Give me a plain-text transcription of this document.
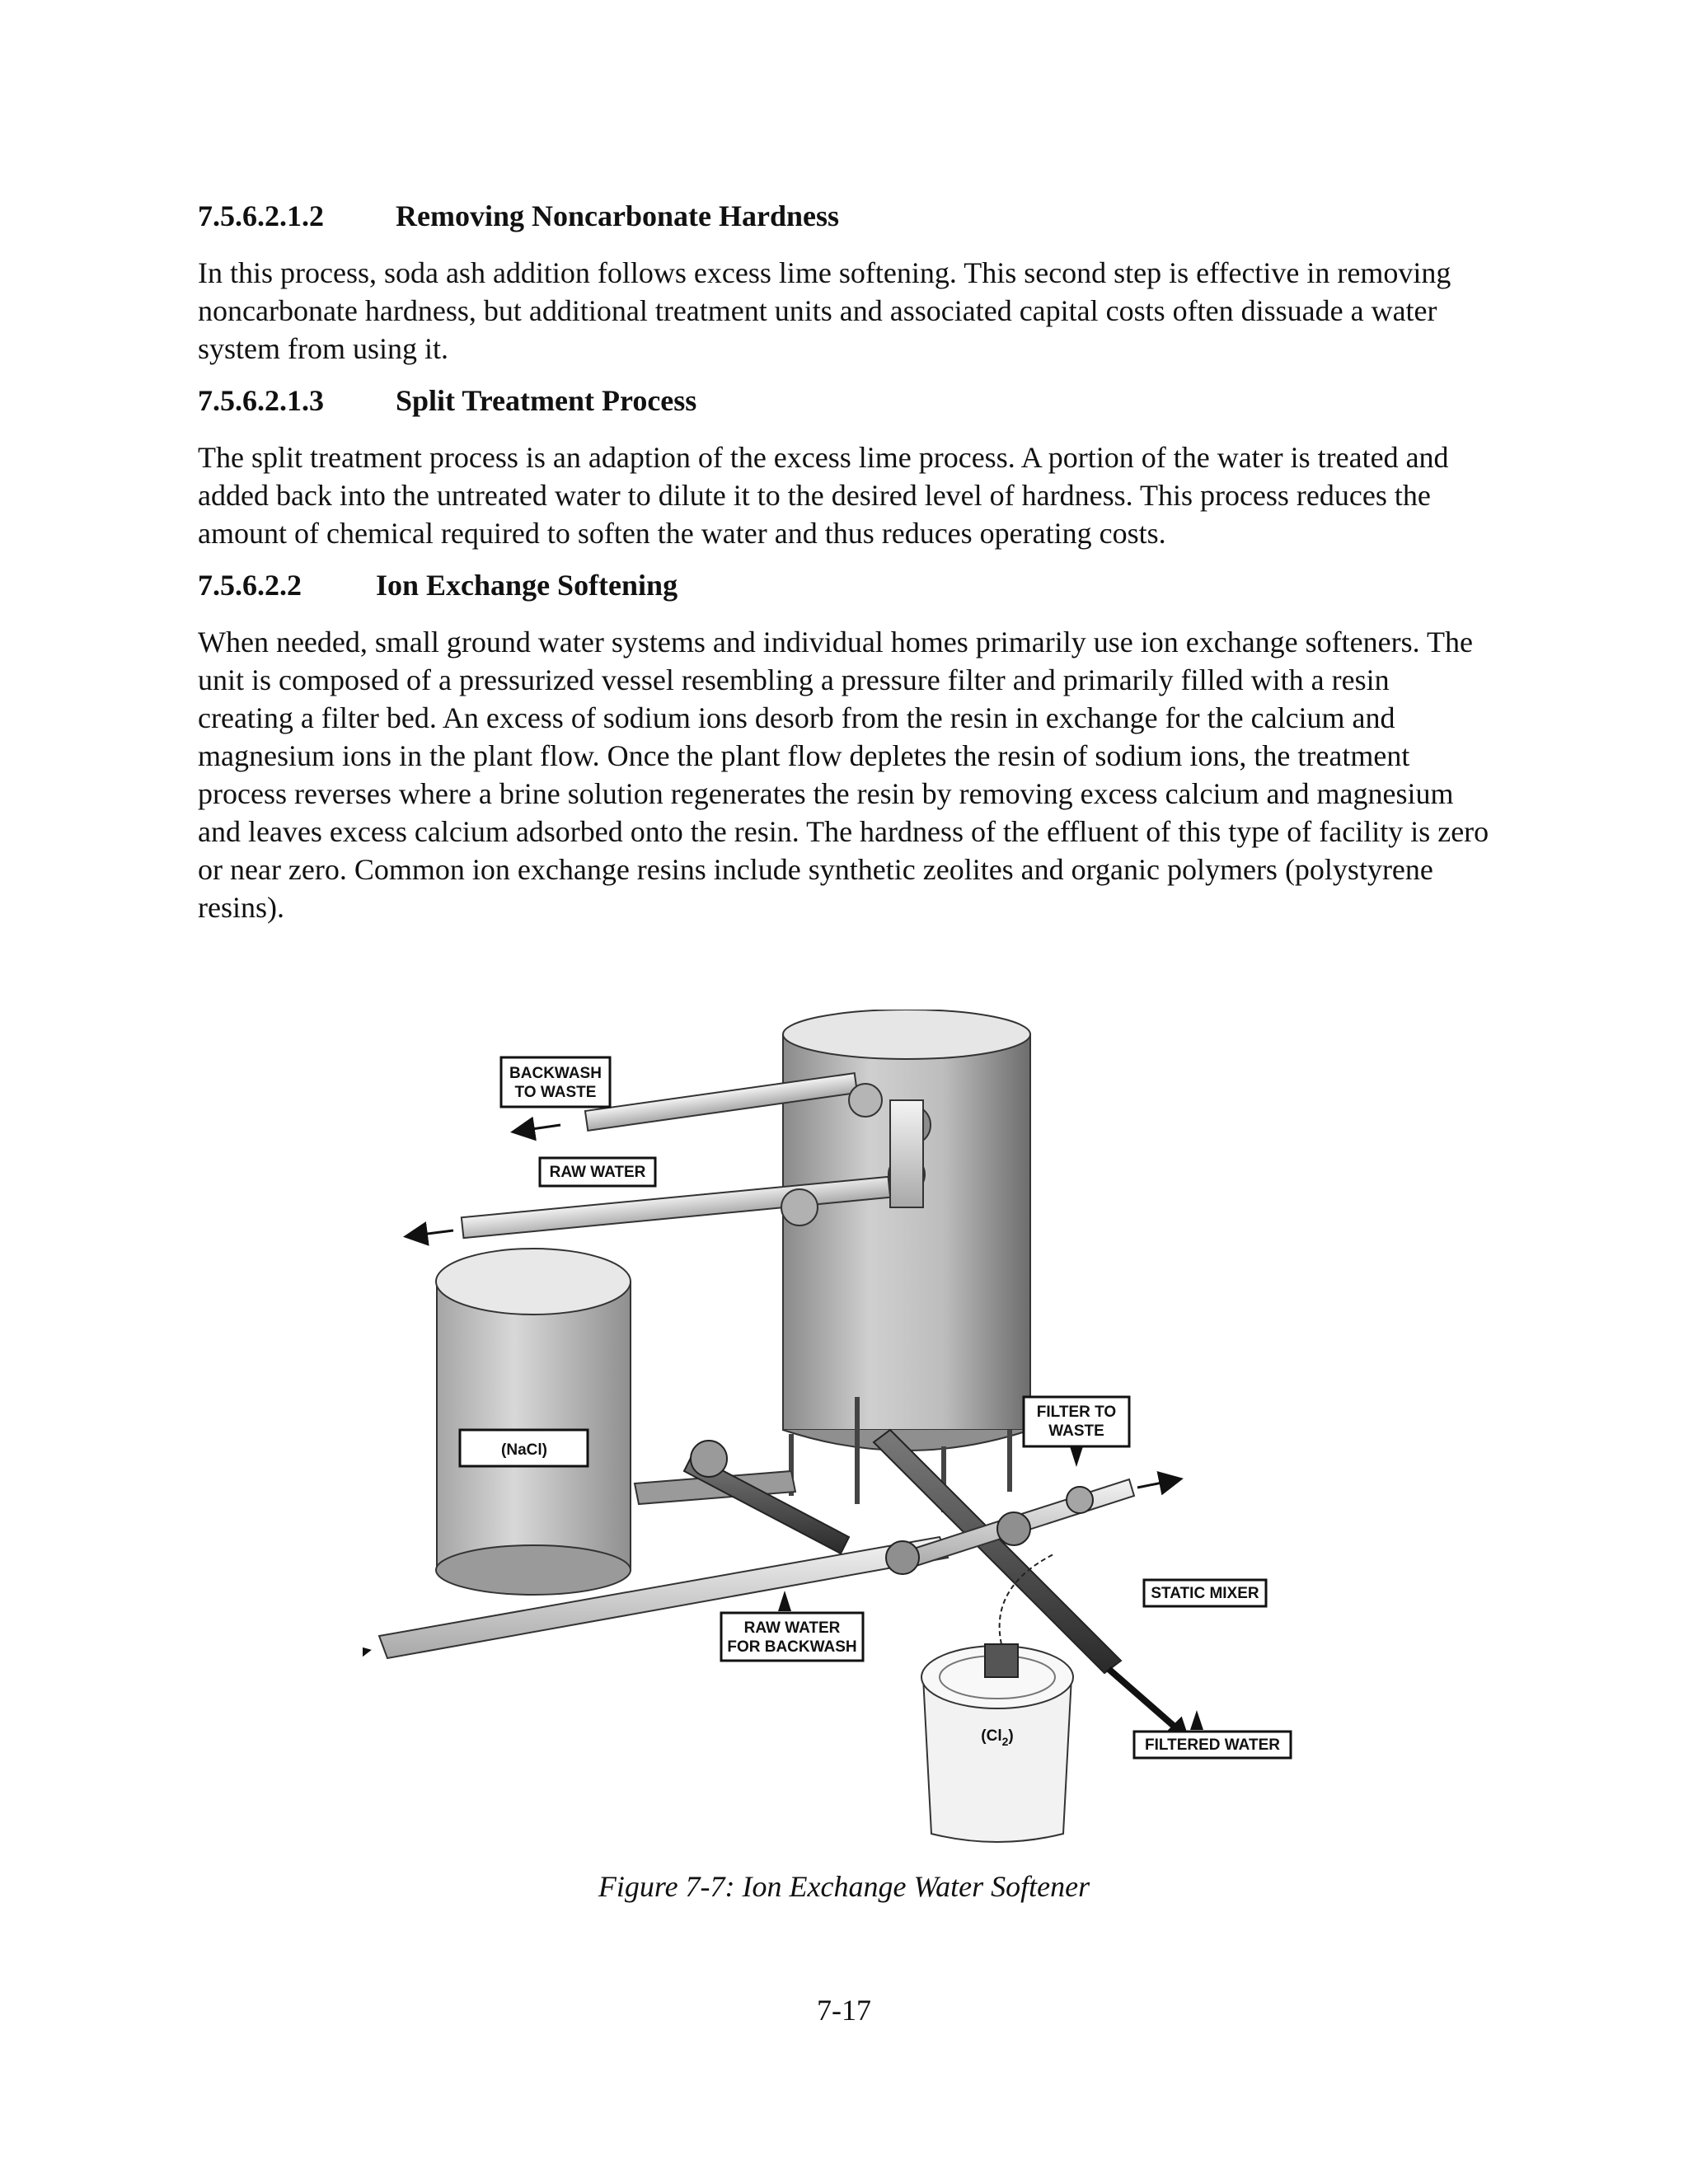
7.5.6.2.1.2	Removing Noncarbonate Hardness

In this process, soda ash addition follows excess lime softening. This second step is effective in removing noncarbonate hardness, but additional treatment units and associated capital costs often dissuade a water system from using it.

7.5.6.2.1.3	Split Treatment Process

The split treatment process is an adaption of the excess lime process. A portion of the water is treated and added back into the untreated water to dilute it to the desired level of hardness. This process reduces the amount of chemical required to soften the water and thus reduces operating costs.

7.5.6.2.2	Ion Exchange Softening

When needed, small ground water systems and individual homes primarily use ion exchange softeners. The unit is composed of a pressurized vessel resembling a pressure filter and primarily filled with a resin creating a filter bed. An excess of sodium ions desorb from the resin in exchange for the calcium and magnesium ions in the plant flow. Once the plant flow depletes the resin of sodium ions, the treatment process reverses where a brine solution regenerates the resin by removing excess calcium and magnesium and leaves excess calcium adsorbed onto the resin. The hardness of the effluent of this type of facility is zero or near zero. Common ion exchange resins include synthetic zeolites and organic polymers (polystyrene resins).

BACKWASH
TO WASTE
RAW WATER
FILTER TO
WASTE
(NaCl)
STATIC MIXER
RAW WATER
FOR BACKWASH
$(Cl_2)$
FILTERED WATER
Figure 7-7: Ion Exchange Water Softener
7-17
